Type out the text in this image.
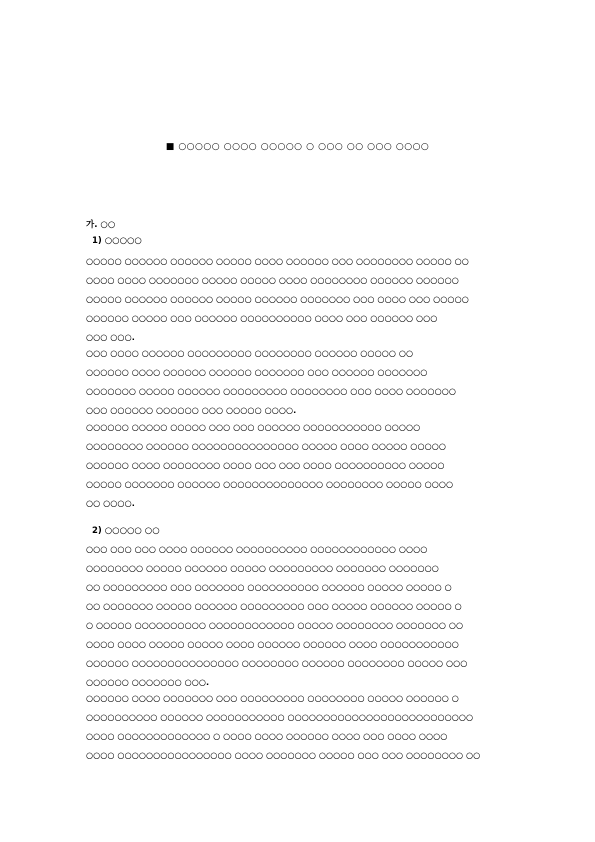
■ ○○○○○ ○○○○ ○○○○○ ○ ○○○ ○○ ○○○ ○○○○
가. ○○
1) ○○○○○
○○○○○ ○○○○○○ ○○○○○○ ○○○○○ ○○○○ ○○○○○○ ○○○ ○○○○○○○○ ○○○○○ ○○
○○○○ ○○○○ ○○○○○○○ ○○○○○ ○○○○○ ○○○○ ○○○○○○○○ ○○○○○○ ○○○○○○
○○○○○ ○○○○○○ ○○○○○○ ○○○○○ ○○○○○○ ○○○○○○○ ○○○ ○○○○ ○○○ ○○○○○
○○○○○○ ○○○○○ ○○○ ○○○○○○ ○○○○○○○○○○ ○○○○ ○○○ ○○○○○○ ○○○
○○○ ○○○.
○○○ ○○○○ ○○○○○○ ○○○○○○○○○ ○○○○○○○○ ○○○○○○ ○○○○○ ○○
○○○○○○ ○○○○ ○○○○○○ ○○○○○○ ○○○○○○○ ○○○ ○○○○○○ ○○○○○○○
○○○○○○○ ○○○○○ ○○○○○○ ○○○○○○○○○ ○○○○○○○○ ○○○ ○○○○ ○○○○○○○
○○○ ○○○○○○ ○○○○○○ ○○○ ○○○○○ ○○○○.
○○○○○○ ○○○○○ ○○○○○ ○○○ ○○○ ○○○○○○ ○○○○○○○○○○○ ○○○○○
○○○○○○○○ ○○○○○○ ○○○○○○○○○○○○○○○ ○○○○○ ○○○○ ○○○○○ ○○○○○
○○○○○○ ○○○○ ○○○○○○○○ ○○○○ ○○○ ○○○ ○○○○ ○○○○○○○○○○ ○○○○○
○○○○○ ○○○○○○○ ○○○○○○ ○○○○○○○○○○○○○○ ○○○○○○○○ ○○○○○ ○○○○
○○ ○○○○.
2) ○○○○○ ○○
○○○ ○○○ ○○○ ○○○○ ○○○○○○ ○○○○○○○○○○ ○○○○○○○○○○○○ ○○○○
○○○○○○○○ ○○○○○ ○○○○○○ ○○○○○ ○○○○○○○○○ ○○○○○○○ ○○○○○○○
○○ ○○○○○○○○○ ○○○ ○○○○○○○ ○○○○○○○○○○ ○○○○○○ ○○○○○ ○○○○○ ○
○○ ○○○○○○○ ○○○○○ ○○○○○○ ○○○○○○○○○ ○○○ ○○○○○ ○○○○○○ ○○○○○ ○
○ ○○○○○ ○○○○○○○○○○ ○○○○○○○○○○○○ ○○○○○ ○○○○○○○○ ○○○○○○○ ○○
○○○○ ○○○○ ○○○○○ ○○○○○ ○○○○ ○○○○○○ ○○○○○○ ○○○○ ○○○○○○○○○○○
○○○○○○ ○○○○○○○○○○○○○○○ ○○○○○○○○ ○○○○○○ ○○○○○○○○ ○○○○○ ○○○
○○○○○○ ○○○○○○○ ○○○.
○○○○○○ ○○○○ ○○○○○○○ ○○○ ○○○○○○○○○ ○○○○○○○○ ○○○○○ ○○○○○○ ○
○○○○○○○○○○ ○○○○○○ ○○○○○○○○○○○ ○○○○○○○○○○○○○○○○○○○○○○○○○○
○○○○ ○○○○○○○○○○○○○ ○ ○○○○ ○○○○ ○○○○○○ ○○○○ ○○○ ○○○○ ○○○○
○○○○ ○○○○○○○○○○○○○○○○ ○○○○ ○○○○○○○ ○○○○○ ○○○ ○○○ ○○○○○○○○ ○○
